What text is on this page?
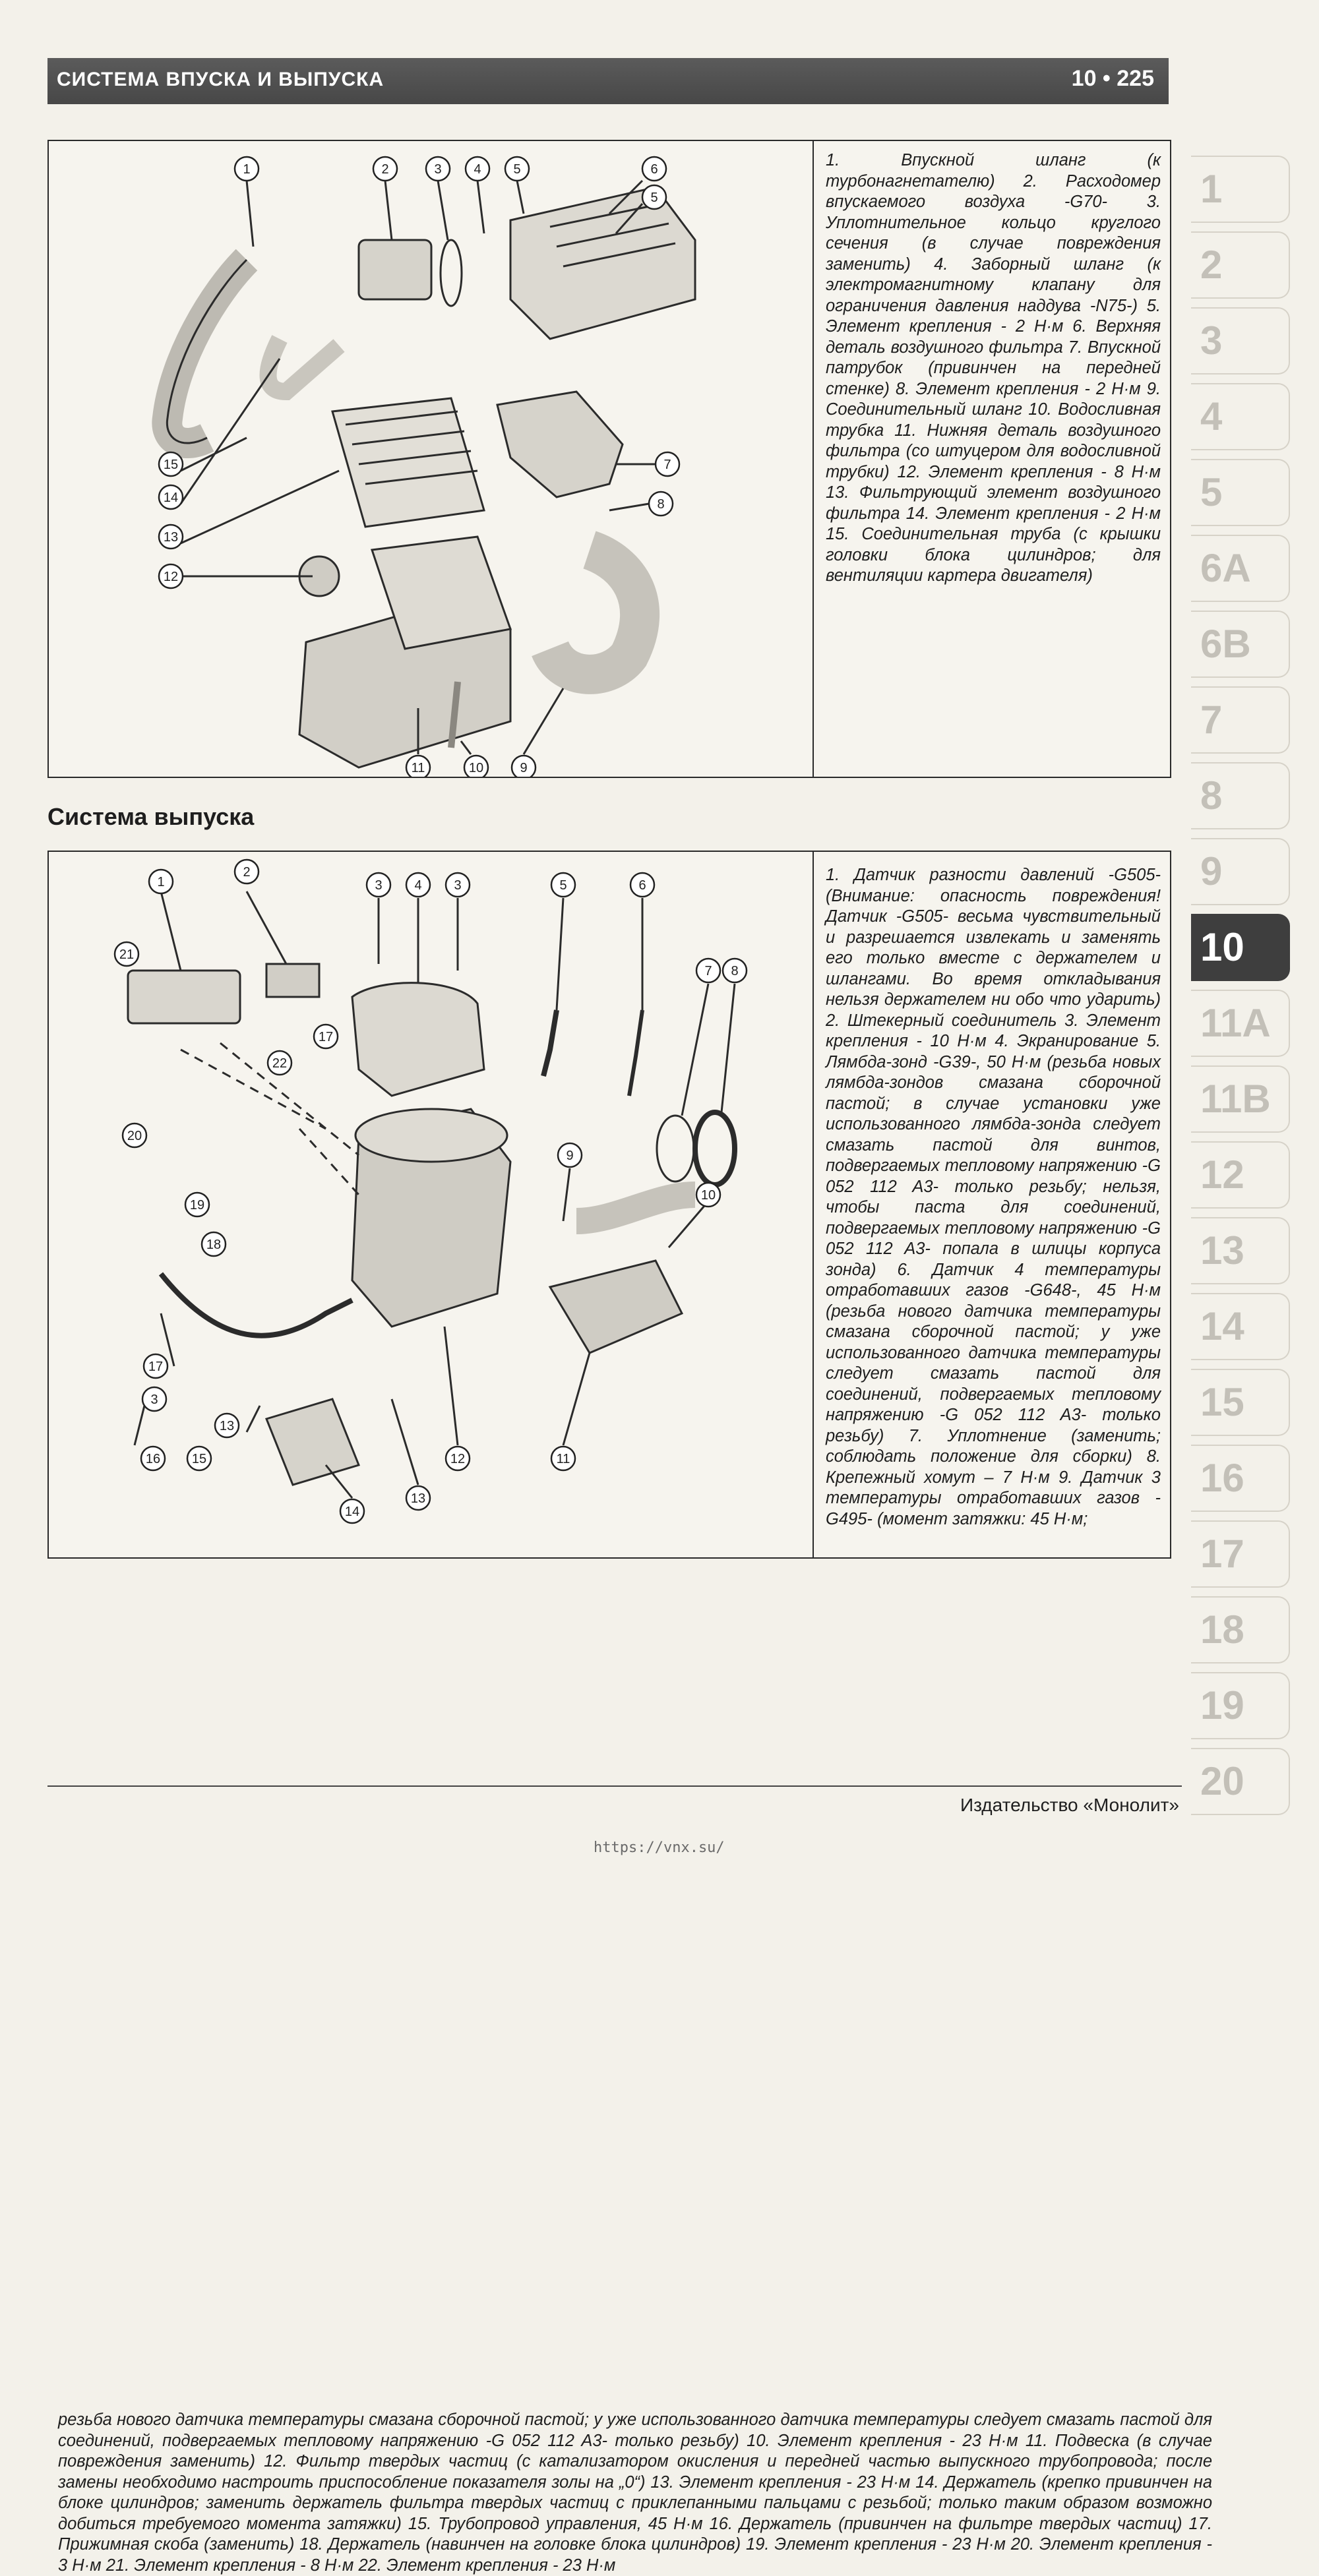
СИСТЕМА ВПУСКА И ВЫПУСКА	10 • 225
1	2	3 4 5	6
5
7
8
9
10
11
12
13
14
15
1. Впускной шланг (к турбонагнетателю) 2. Расходомер впускаемого воздуха -G70- 3. Уплотнительное кольцо круглого сечения (в случае повреждения заменить) 4. Заборный шланг (к электромагнитному клапану для ограничения давления наддува -N75-) 5. Элемент крепления - 2 Н·м 6. Верхняя деталь воздушного фильтра 7. Впускной патрубок (привинчен на передней стенке) 8. Элемент крепления - 2 Н·м 9. Соединительный шланг 10. Водосливная трубка 11. Нижняя деталь воздушного фильтра (со штуцером для водосливной трубки) 12. Элемент крепления - 8 Н·м 13. Фильтрующий элемент воздушного фильтра 14. Элемент крепления - 2 Н·м 15. Соединительная труба (с крышки головки блока цилиндров; для вентиляции картера двигателя)
Система выпуска
1
2
3 4 3	5	6
7 8
9
10
11
12
13
13
14
15
16
17
17
18
19
20
21
22
3
1. Датчик разности давлений -G505- (Внимание: опасность повреждения! Датчик -G505- весьма чувствительный и разрешается извлекать и заменять его только вместе с держателем и шлангами. Во время откладывания нельзя держателем ни обо что ударить) 2. Штекерный соединитель 3. Элемент крепления - 10 Н·м 4. Экранирование 5. Лямбда-зонд -G39-, 50 Н·м (резьба новых лямбда-зондов смазана сборочной пастой; в случае установки уже использованного лямбда-зонда следует смазать пастой для винтов, подвергаемых тепловому напряжению -G 052 112 A3- только резьбу; нельзя, чтобы паста для соединений, подвергаемых тепловому напряжению -G 052 112 A3- попала в шлицы корпуса зонда) 6. Датчик 4 температуры отработавших газов -G648-, 45 Н·м (резьба нового датчика температуры смазана сборочной пастой; у уже использованного датчика температуры следует смазать пастой для соединений, подвергаемых тепловому напряжению -G 052 112 A3- только резьбу) 7. Уплотнение (заменить; соблюдать положение для сборки) 8. Крепежный хомут – 7 Н·м 9. Датчик 3 температуры отработавших газов -G495- (момент затяжки: 45 Н·м;
резьба нового датчика температуры смазана сборочной пастой; у уже использованного датчика температуры следует смазать пастой для соединений, подвергаемых тепловому напряжению -G 052 112 A3- только резьбу) 10. Элемент крепления - 23 Н·м 11. Подвеска (в случае повреждения заменить) 12. Фильтр твердых частиц (с катализатором окисления и передней частью выпускного трубопровода; после замены необходимо настроить приспособление показателя золы на „0“) 13. Элемент крепления - 23 Н·м 14. Держатель (крепко привинчен на блоке цилиндров; заменить держатель фильтра твердых частиц с приклепанными пальцами с резьбой; только таким образом возможно добиться требуемого момента затяжки) 15. Трубопровод управления, 45 Н·м 16. Держатель (привинчен на фильтре твердых частиц) 17. Прижимная скоба (заменить) 18. Держатель (навинчен на головке блока цилиндров) 19. Элемент крепления - 23 Н·м 20. Элемент крепления - 3 Н·м 21. Элемент крепления - 8 Н·м 22. Элемент крепления - 23 Н·м
1
2
3
4
5
6A
6B
7
8
9
10
11A
11B
12
13
14
15
16
17
18
19
20
Издательство «Монолит»
https://vnx.su/
